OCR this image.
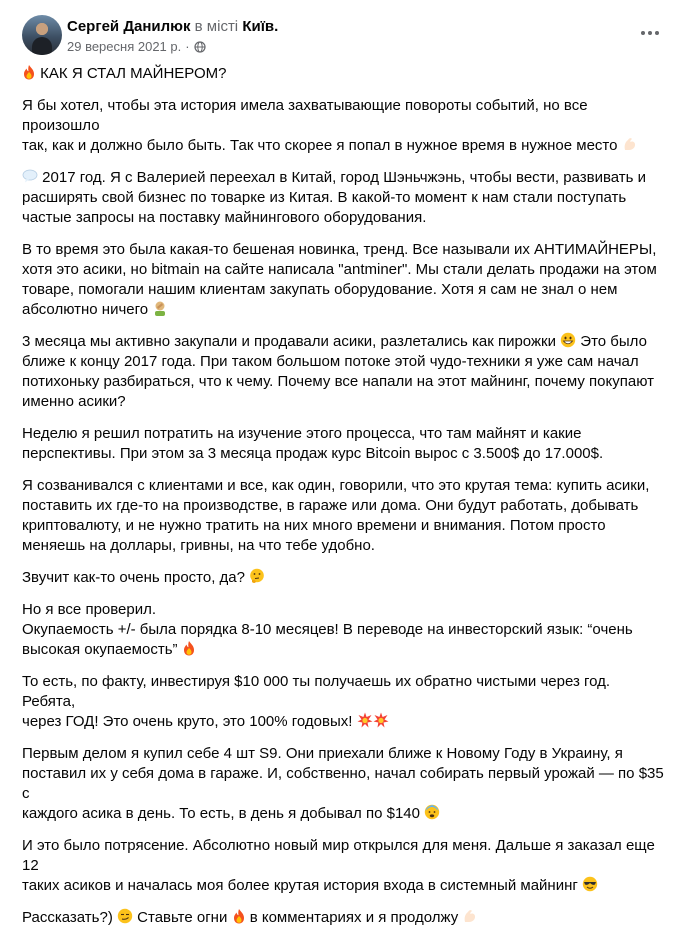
Сергей Данилюк в місті Київ.
29 вересня 2021 р. ·
КАК Я СТАЛ МАЙНЕРОМ?
Я бы хотел, чтобы эта история имела захватывающие повороты событий, но все произошло
так, как и должно было быть. Так что скорее я попал в нужное время в нужное место
2017 год. Я с Валерией переехал в Китай, город Шэньчжэнь, чтобы вести, развивать и
расширять свой бизнес по товарке из Китая. В какой-то момент к нам стали поступать
частые запросы на поставку майнингового оборудования.
В то время это была какая-то бешеная новинка, тренд. Все называли их АНТИМАЙНЕРЫ,
хотя это асики, но bitmain на сайте написала "antminer". Мы стали делать продажи на этом
товаре, помогали нашим клиентам закупать оборудование. Хотя я сам не знал о нем
абсолютно ничего
3 месяца мы активно закупали и продавали асики, разлетались как пирожки Это было
ближе к концу 2017 года. При таком большом потоке этой чудо-техники я уже сам начал
потихоньку разбираться, что к чему. Почему все напали на этот майнинг, почему покупают
именно асики?
Неделю я решил потратить на изучение этого процесса, что там майнят и какие
перспективы. При этом за 3 месяца продаж курс Bitcoin вырос с 3.500$ до 17.000$.
Я созванивался с клиентами и все, как один, говорили, что это крутая тема: купить асики,
поставить их где-то на производстве, в гараже или дома. Они будут работать, добывать
криптовалюту, и не нужно тратить на них много времени и внимания. Потом просто
меняешь на доллары, гривны, на что тебе удобно.
Звучит как-то очень просто, да?
Но я все проверил.
Окупаемость +/- была порядка 8-10 месяцев! В переводе на инвесторский язык: “очень
высокая окупаемость”
То есть, по факту, инвестируя $10 000 ты получаешь их обратно чистыми через год. Ребята,
через ГОД! Это очень круто, это 100% годовых!
Первым делом я купил себе 4 шт S9. Они приехали ближе к Новому Году в Украину, я
поставил их у себя дома в гараже. И, собственно, начал собирать первый урожай — по $35 с
каждого асика в день. То есть, в день я добывал по $140
И это было потрясение. Абсолютно новый мир открылся для меня. Дальше я заказал еще 12
таких асиков и началась моя более крутая история входа в системный майнинг
Рассказать?) Ставьте огни в комментариях и я продолжу
